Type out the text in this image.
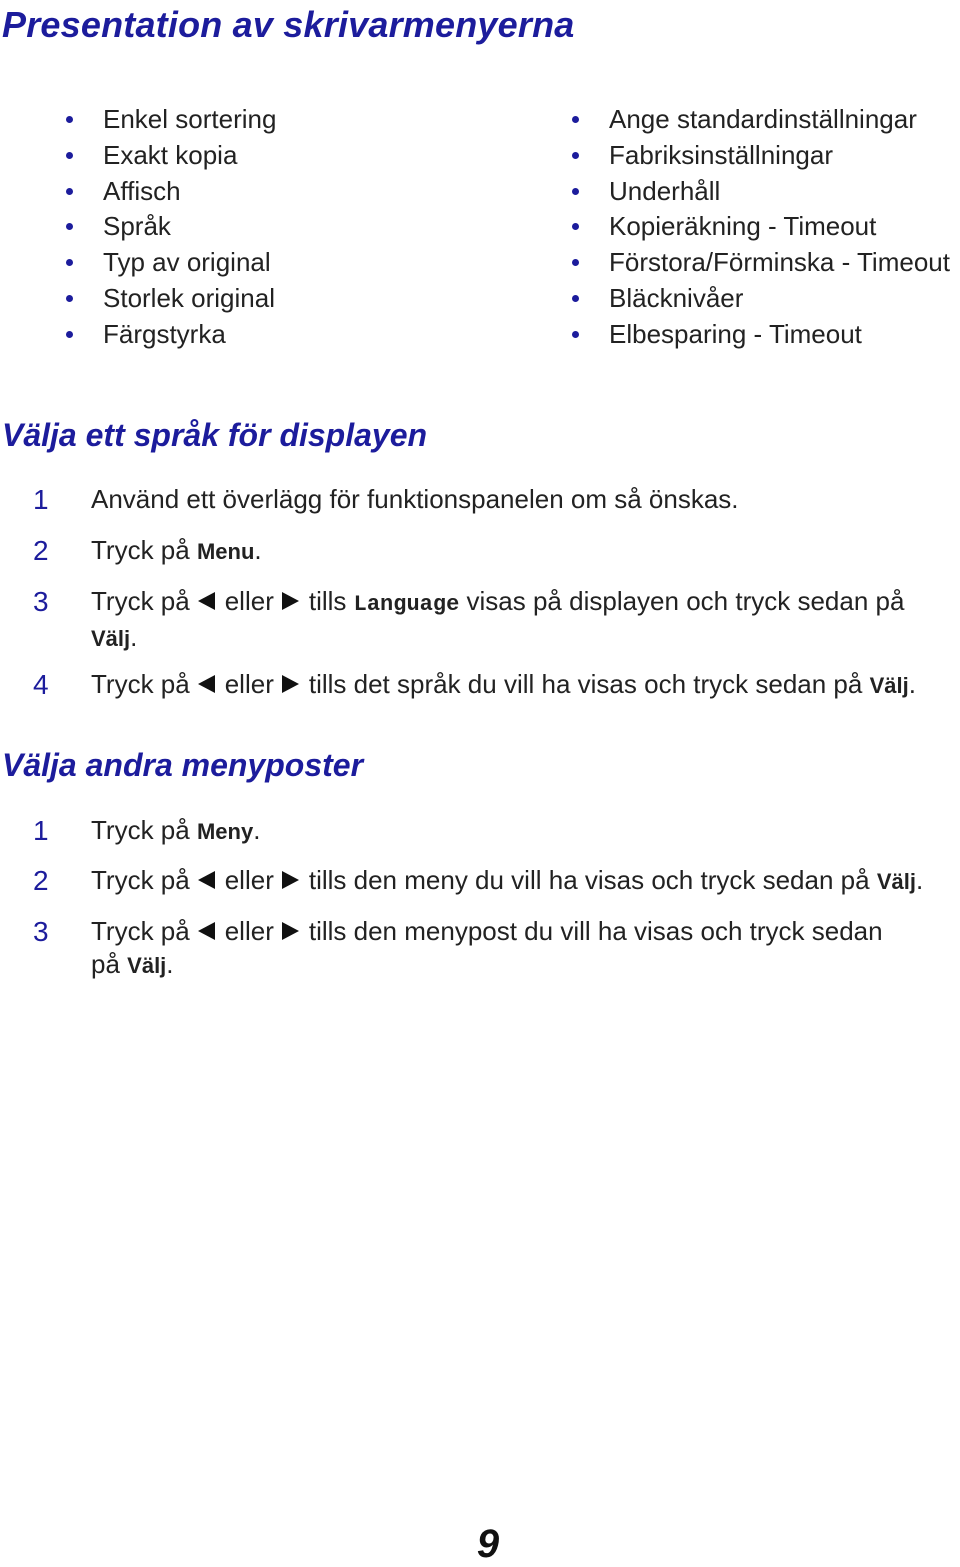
Presentation av skrivarmenyerna
Enkel sortering
Exakt kopia
Affisch
Språk
Typ av original
Storlek original
Färgstyrka
Ange standardinställningar
Fabriksinställningar
Underhåll
Kopieräkning - Timeout
Förstora/Förminska - Timeout
Bläcknivåer
Elbesparing - Timeout
Välja ett språk för displayen
1	Använd ett överlägg för funktionspanelen om så önskas.
2	Tryck på Menu.
3	Tryck på eller tills Language visas på displayen och tryck sedan på
Välj.
4	Tryck på eller tills det språk du vill ha visas och tryck sedan på Välj.
Välja andra menyposter
1	Tryck på Meny.
2	Tryck på eller tills den meny du vill ha visas och tryck sedan på Välj.
3	Tryck på eller tills den menypost du vill ha visas och tryck sedan
på Välj.
9
